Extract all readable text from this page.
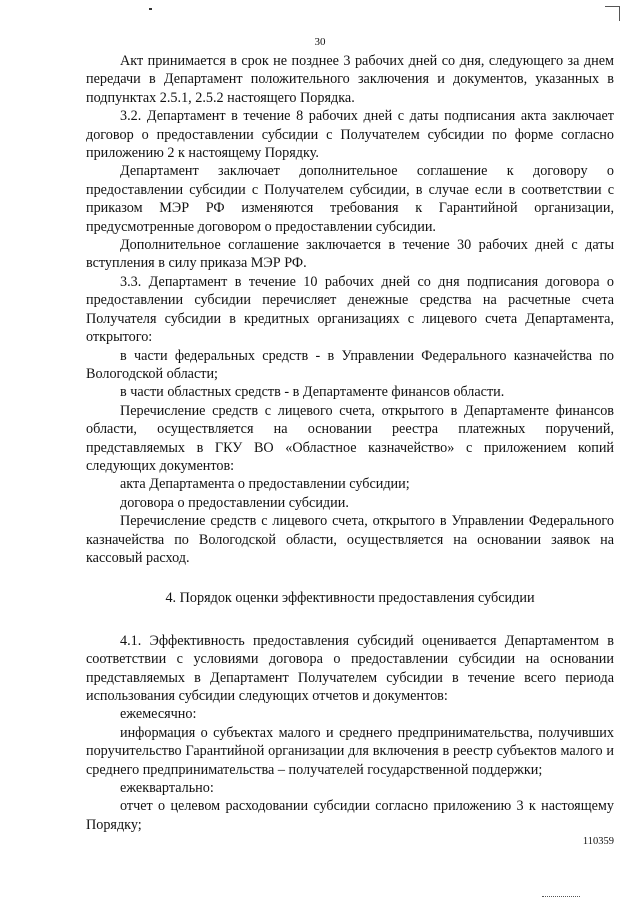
30

Акт принимается в срок не позднее 3 рабочих дней со дня, следующего за днем передачи в Департамент положительного заключения и документов, указанных в подпунктах 2.5.1, 2.5.2 настоящего Порядка.

3.2. Департамент в течение 8 рабочих дней с даты подписания акта заключает договор о предоставлении субсидии с Получателем субсидии по форме согласно приложению 2 к настоящему Порядку.

Департамент заключает дополнительное соглашение к договору о предоставлении субсидии с Получателем субсидии, в случае если в соответствии с приказом МЭР РФ изменяются требования к Гарантийной организации, предусмотренные договором о предоставлении субсидии.

Дополнительное соглашение заключается в течение 30 рабочих дней с даты вступления в силу приказа МЭР РФ.

3.3. Департамент в течение 10 рабочих дней со дня подписания договора о предоставлении субсидии перечисляет денежные средства на расчетные счета Получателя субсидии в кредитных организациях с лицевого счета Департамента, открытого:

в части федеральных средств - в Управлении Федерального казначейства по Вологодской области;

в части областных средств - в Департаменте финансов области.

Перечисление средств с лицевого счета, открытого в Департаменте финансов области, осуществляется на основании реестра платежных поручений, представляемых в ГКУ ВО «Областное казначейство» с приложением копий следующих документов:

акта Департамента о предоставлении субсидии;

договора о предоставлении субсидии.

Перечисление средств с лицевого счета, открытого в Управлении Федерального казначейства по Вологодской области, осуществляется на основании заявок на кассовый расход.

4. Порядок оценки эффективности предоставления субсидии

4.1. Эффективность предоставления субсидий оценивается Департаментом в соответствии с условиями договора о предоставлении субсидии на основании представляемых в Департамент Получателем субсидии в течение всего периода использования субсидии следующих отчетов и документов:

ежемесячно:

информация о субъектах малого и среднего предпринимательства, получивших поручительство Гарантийной организации для включения в реестр субъектов малого и среднего предпринимательства – получателей государственной поддержки;

ежеквартально:

отчет о целевом расходовании субсидии согласно приложению 3 к настоящему Порядку;

110359
